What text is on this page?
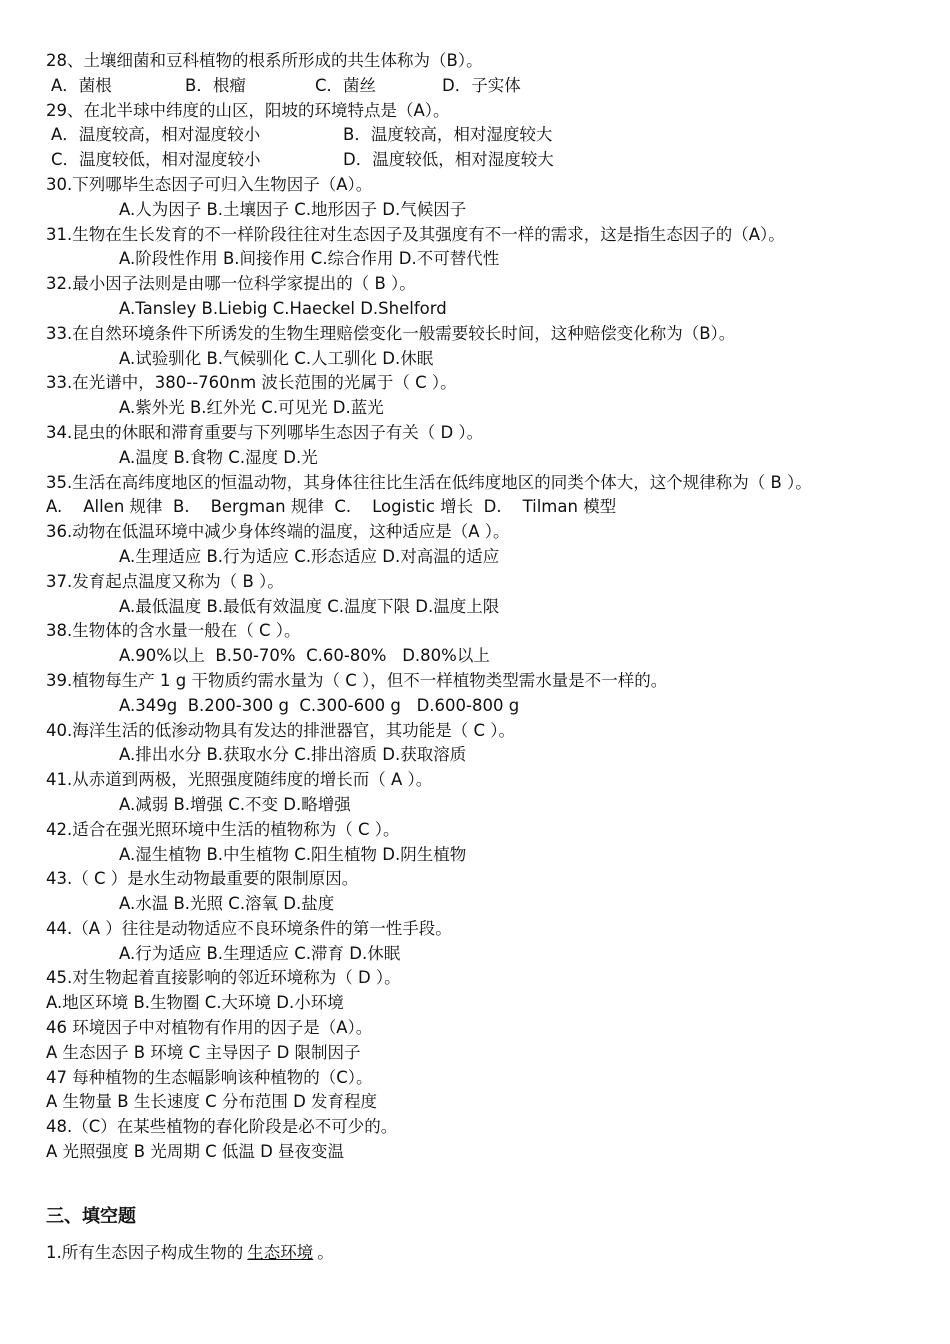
28、土壤细菌和豆科植物的根系所形成的共生体称为（B）。
A．菌根	B．根瘤	C．菌丝	D．子实体
29、在北半球中纬度的山区，阳坡的环境特点是（A）。
A．温度较高，相对湿度较小	B．温度较高，相对湿度较大
C．温度较低，相对湿度较小	D．温度较低，相对湿度较大
30.下列哪毕生态因子可归入生物因子（A）。
A.人为因子 B.土壤因子 C.地形因子 D.气候因子
31.生物在生长发育的不一样阶段往往对生态因子及其强度有不一样的需求，这是指生态因子的（A）。
A.阶段性作用 B.间接作用 C.综合作用 D.不可替代性
32.最小因子法则是由哪一位科学家提出的（ B ）。
A.Tansley B.Liebig C.Haeckel D.Shelford
33.在自然环境条件下所诱发的生物生理赔偿变化一般需要较长时间，这种赔偿变化称为（B）。
A.试验驯化 B.气候驯化 C.人工驯化 D.休眠
33.在光谱中，380--760nm 波长范围的光属于（ C ）。
A.紫外光 B.红外光 C.可见光 D.蓝光
34.昆虫的休眠和滞育重要与下列哪毕生态因子有关（ D ）。
A.温度 B.食物 C.湿度 D.光
35.生活在高纬度地区的恒温动物，其身体往往比生活在低纬度地区的同类个体大，这个规律称为（ B ）。
A.    Allen 规律  B.    Bergman 规律  C.    Logistic 增长  D.    Tilman 模型
36.动物在低温环境中减少身体终端的温度，这种适应是（A ）。
A.生理适应 B.行为适应 C.形态适应 D.对高温的适应
37.发育起点温度又称为（ B ）。
A.最低温度 B.最低有效温度 C.温度下限 D.温度上限
38.生物体的含水量一般在（ C ）。
A.90%以上  B.50-70%  C.60-80%   D.80%以上
39.植物每生产 1 g 干物质约需水量为（ C ），但不一样植物类型需水量是不一样的。
A.349g  B.200-300 g  C.300-600 g   D.600-800 g
40.海洋生活的低渗动物具有发达的排泄器官，其功能是（ C ）。
A.排出水分 B.获取水分 C.排出溶质 D.获取溶质
41.从赤道到两极，光照强度随纬度的增长而（ A ）。
A.减弱 B.增强 C.不变 D.略增强
42.适合在强光照环境中生活的植物称为（ C ）。
A.湿生植物 B.中生植物 C.阳生植物 D.阴生植物
43.（ C ）是水生动物最重要的限制原因。
A.水温 B.光照 C.溶氧 D.盐度
44.（A ）往往是动物适应不良环境条件的第一性手段。
A.行为适应 B.生理适应 C.滞育 D.休眠
45.对生物起着直接影响的邻近环境称为（ D ）。
A.地区环境 B.生物圈 C.大环境 D.小环境
46 环境因子中对植物有作用的因子是（A）。
A 生态因子 B 环境 C 主导因子 D 限制因子
47 每种植物的生态幅影响该种植物的（C）。
A 生物量 B 生长速度 C 分布范围 D 发育程度
48.（C）在某些植物的春化阶段是必不可少的。
A 光照强度 B 光周期 C 低温 D 昼夜变温
三、填空题
1.所有生态因子构成生物的 生态环境 。
